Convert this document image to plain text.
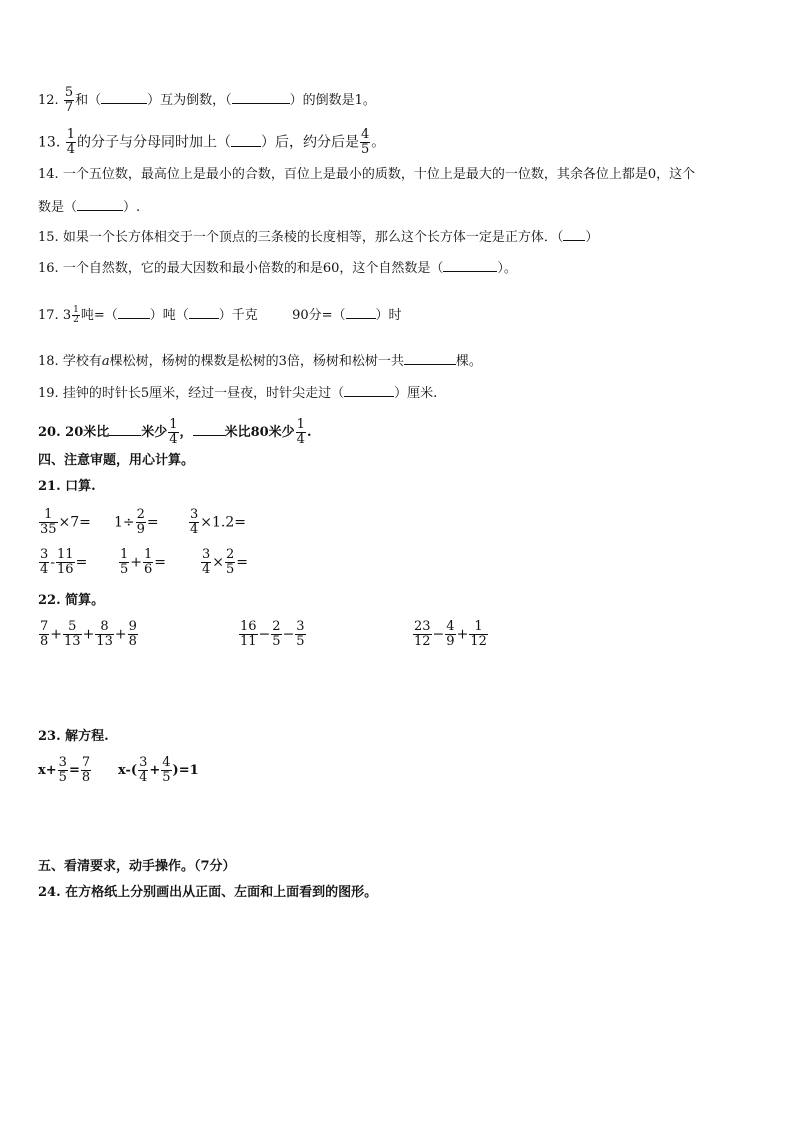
12. $\frac{5}{7}$ 和（	）互为倒数，（	）的倒数是1。
13. $\frac{1}{4}$ 的分子与分母同时加上（ ）后，约分后是 $\frac{4}{5}$ 。
14. 一个五位数，最高位上是最小的合数，百位上是最小的质数，十位上是最大的一位数，其余各位上都是0，这个
数是（	）.
15. 如果一个长方体相交于一个顶点的三条棱的长度相等，那么这个长方体一定是正方体．（ ）
16. 一个自然数，它的最大因数和最小倍数的和是60，这个自然数是（	）。
17. $3 \frac{1}{2}$ 吨=（ ）吨（ ）千克	90分=（ ）时
18. 学校有a棵松树，杨树的棵数是松树的3倍，杨树和松树一共	棵。
19. 挂钟的时针长5厘米，经过一昼夜，时针尖走过（	）厘米.
20. 20米比 米少 $\frac{1}{4}$ ， 米比80米少 $\frac{1}{4}$ .
四、注意审题，用心计算。
21. 口算.
$\frac{1}{35} \times 7= 1\div \frac{2}{9} = \frac{3}{4} \times 1.2=$
$\frac{3}{4} - \frac{11}{16} = \frac{1}{5} + \frac{1}{6}$ =	$\frac{3}{4} \times \frac{2}{5}$ =
22. 简算。
$\frac{7}{8} + \frac{5}{13} + \frac{8}{13} + \frac{9}{8}$	$\frac{16}{11} - \frac{2}{5} - \frac{3}{5}$	$\frac{23}{12} - \frac{4}{9} + \frac{1}{12}$
23. 解方程.
$x+ \frac{3}{5} = \frac{7}{8} x-( \frac{3}{4} + \frac{4}{5} )=1$
五、看清要求，动手操作。（7分）
24. 在方格纸上分别画出从正面、左面和上面看到的图形。
